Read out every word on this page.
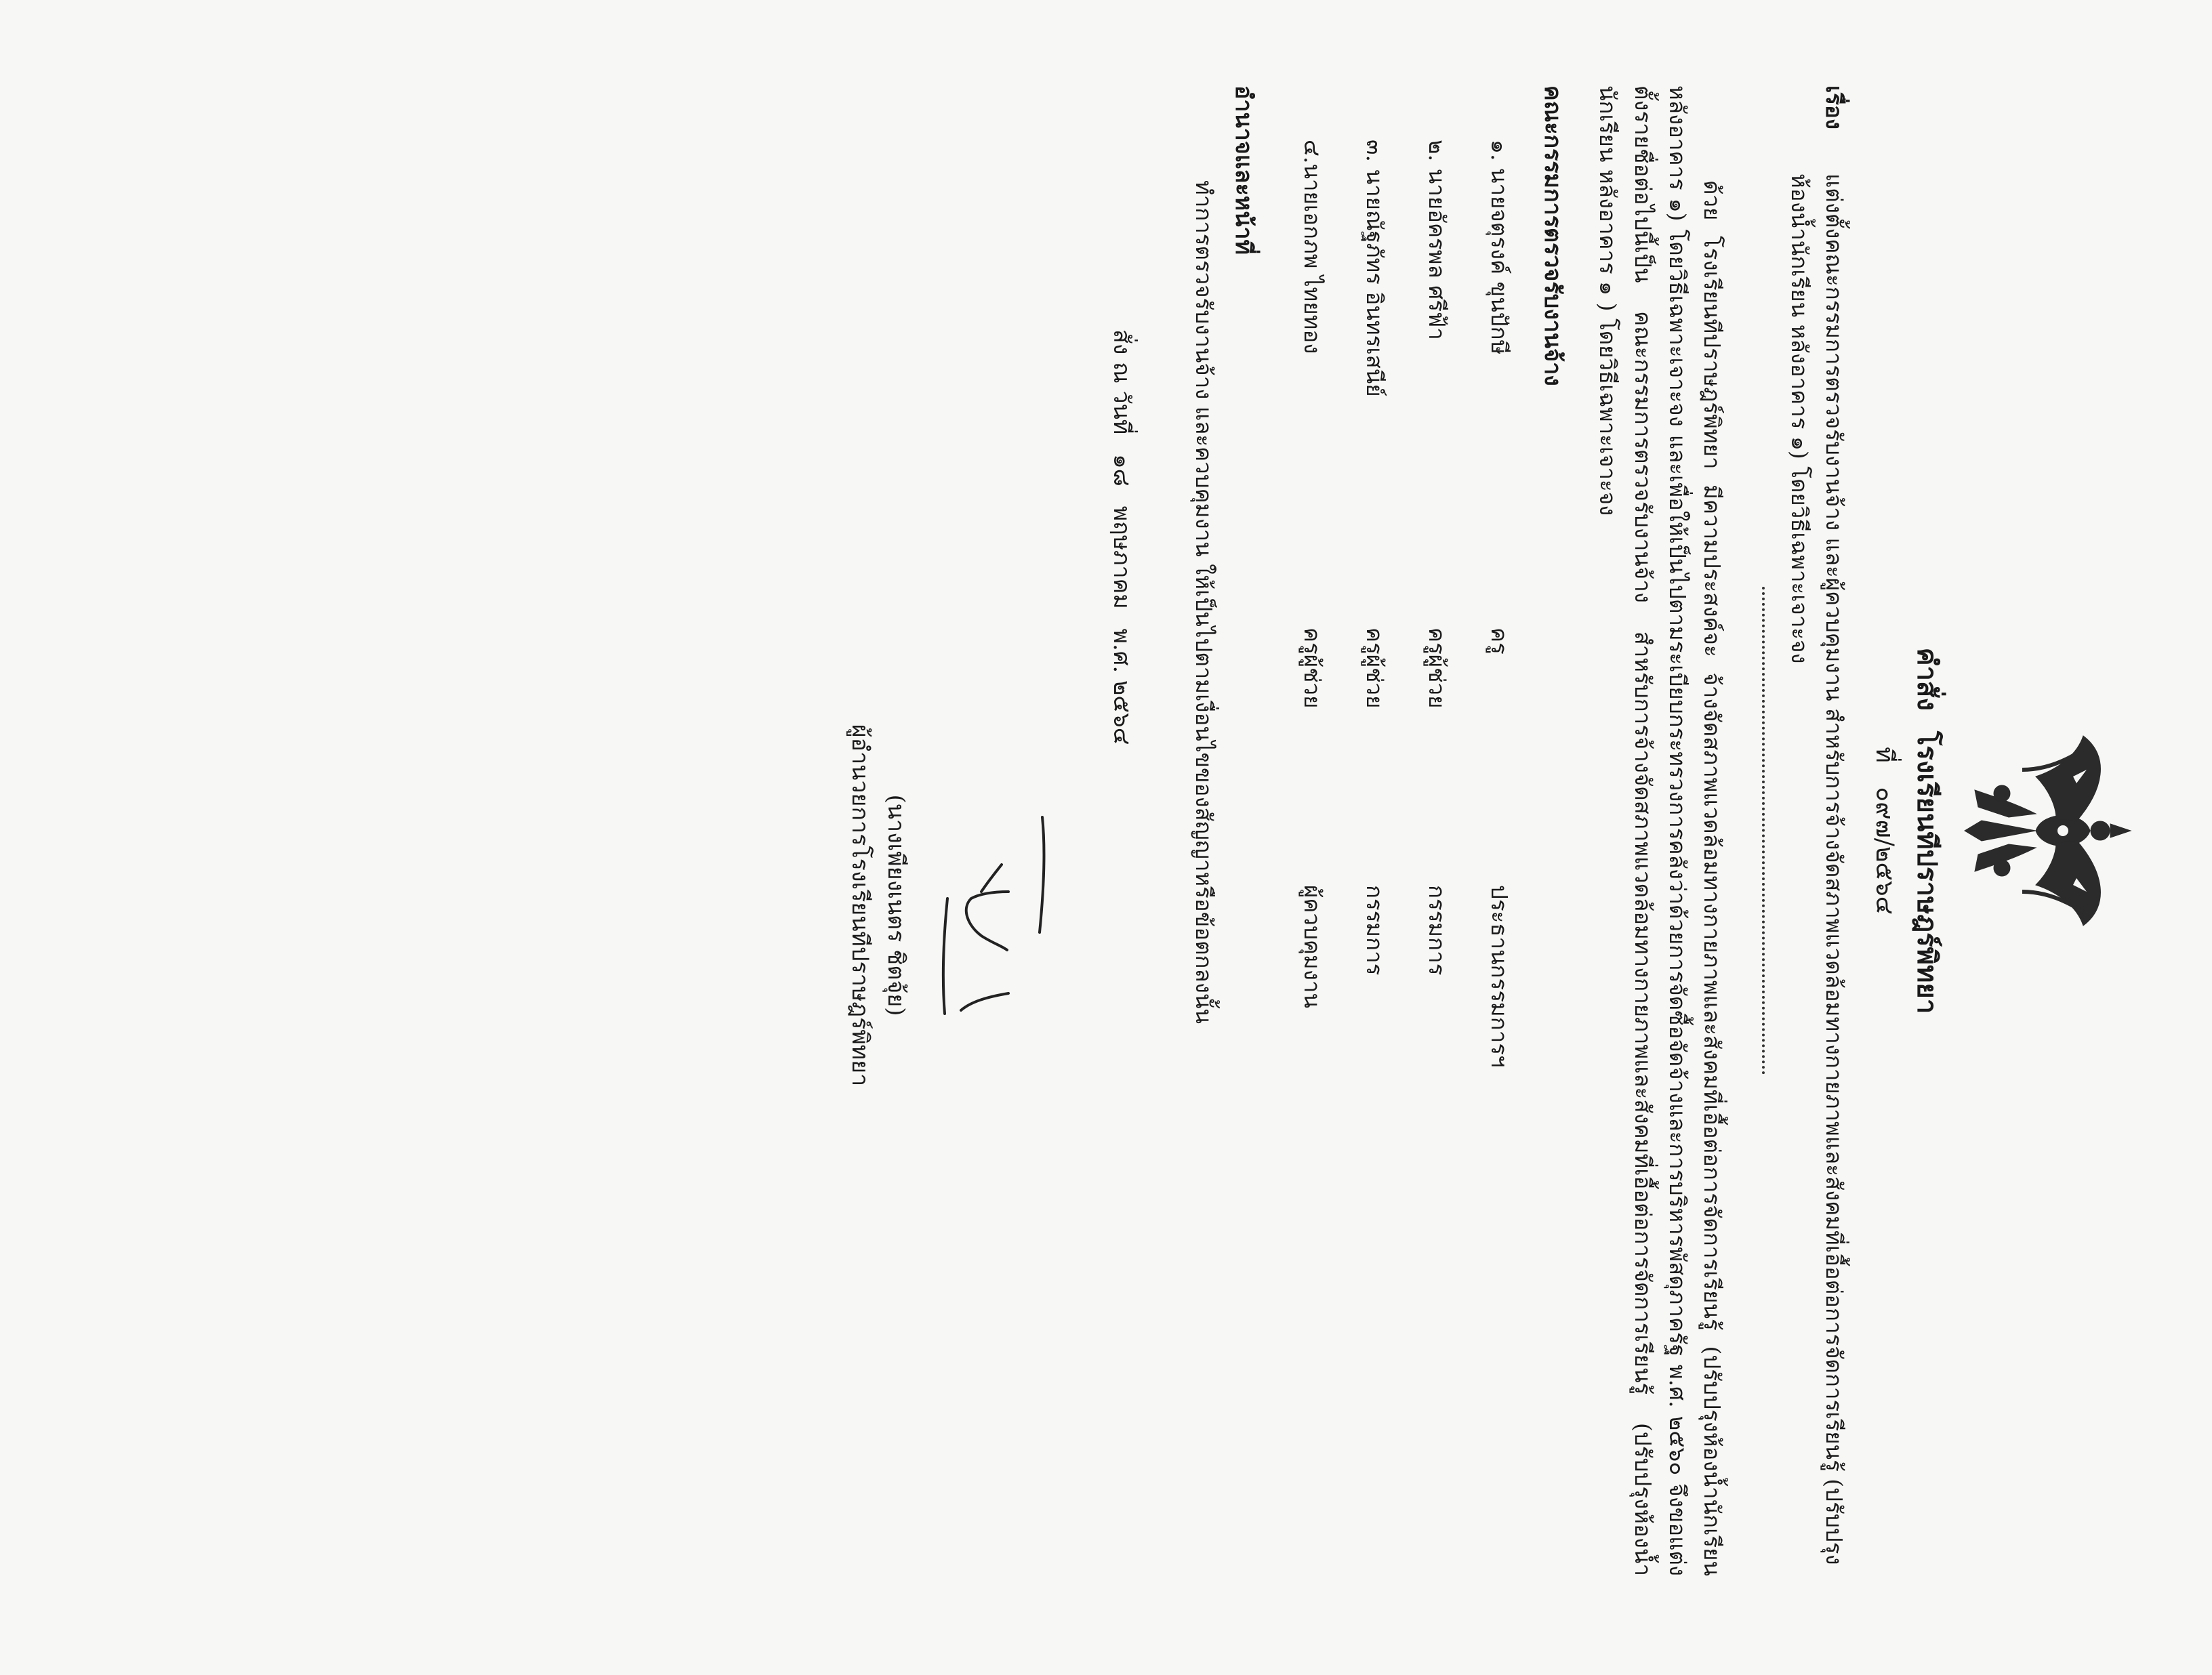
คำสั่ง โรงเรียนทีปราษฎร์พิทยา

ที่ ๐๙๗/๒๕๖๔

เรื่อง
แต่งตั้งคณะกรรมการตรวจรับงานจ้าง และผู้ควบคุมงาน สำหรับการจ้างจัดสภาพแวดล้อมทางกายภาพและสังคมที่เอื้อต่อการจัดการเรียนรู้ (ปรับปรุงห้องน้ำนักเรียน หลังอาคาร ๑) โดยวิธีเฉพาะเจาะจง

ด้วย โรงเรียนทีปราษฎร์พิทยา มีความประสงค์จะ จ้างจัดสภาพแวดล้อมทางกายภาพและสังคมที่เอื้อต่อการจัดการเรียนรู้ (ปรับปรุงห้องน้ำนักเรียน หลังอาคาร ๑) โดยวิธีเฉพาะเจาะจง และเพื่อให้เป็นไปตามระเบียบกระทรวงการคลังว่าด้วยการจัดซื้อจัดจ้างและการบริหารพัสดุภาครัฐ พ.ศ. ๒๕๖๐ จึงขอแต่งตั้งรายชื่อต่อไปนี้เป็น คณะกรรมการตรวจรับงานจ้าง สำหรับการจ้างจัดสภาพแวดล้อมทางกายภาพและสังคมที่เอื้อต่อการจัดการเรียนรู้ (ปรับปรุงห้องน้ำนักเรียน หลังอาคาร ๑ ) โดยวิธีเฉพาะเจาะจง

คณะกรรมการตรวจรับงานจ้าง
๑. นายจตุรงค์ ขุนปักษี
ครู
ประธานกรรมการฯ
๒. นายอัครพล ศรีฟ้า
ครูผู้ช่วย
กรรมการ
๓. นายณัฐภัทร อินทรเสนีย์
ครูผู้ช่วย
กรรมการ
๔.นายเอกภพ ไทยทอง
ครูผู้ช่วย
ผู้ควบคุมงาน
อำนาจและหน้าที่

ทำการตรวจรับงานจ้าง และควบคุมงาน ให้เป็นไปตามเงื่อนไขของสัญญาหรือข้อตกลงนั้น

สั่ง ณ วันที่ ๑๘ พฤษภาคม พ.ศ. ๒๕๖๔
(นางเพียงเนตร ชิตจุ้ย)
ผู้อำนวยการโรงเรียนทีปราษฎร์พิทยา
